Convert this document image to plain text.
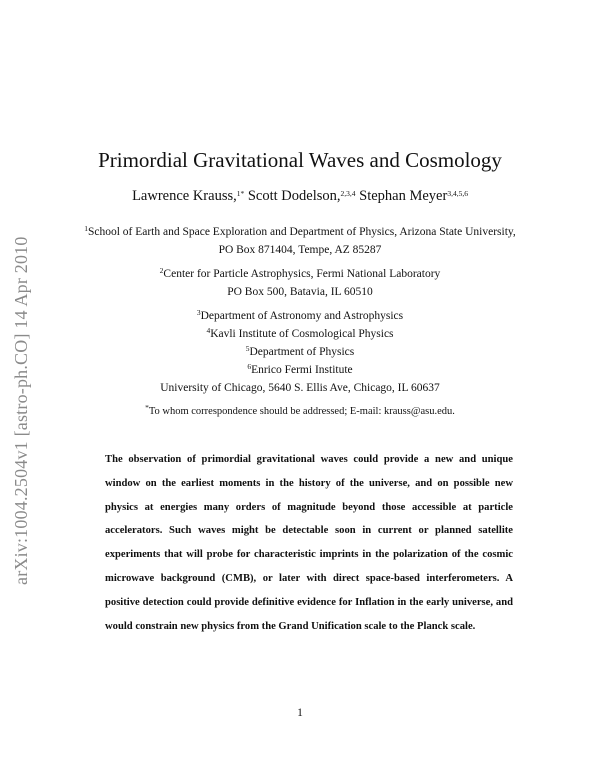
arXiv:1004.2504v1 [astro-ph.CO] 14 Apr 2010
Primordial Gravitational Waves and Cosmology
Lawrence Krauss,$^{1*}$ Scott Dodelson,$^{2,3,4}$ Stephan Meyer$^{3,4,5,6}$
$^1$School of Earth and Space Exploration and Department of Physics, Arizona State University,
PO Box 871404, Tempe, AZ 85287
$^2$Center for Particle Astrophysics, Fermi National Laboratory
PO Box 500, Batavia, IL 60510
$^3$Department of Astronomy and Astrophysics
$^4$Kavli Institute of Cosmological Physics
$^5$Department of Physics
$^6$Enrico Fermi Institute
University of Chicago, 5640 S. Ellis Ave, Chicago, IL 60637
*To whom correspondence should be addressed; E-mail: krauss@asu.edu.

The observation of primordial gravitational waves could provide a new and unique window on the earliest moments in the history of the universe, and on possible new physics at energies many orders of magnitude beyond those accessible at particle accelerators. Such waves might be detectable soon in current or planned satellite experiments that will probe for characteristic imprints in the polarization of the cosmic microwave background (CMB), or later with direct space-based interferometers. A positive detection could provide definitive evidence for Inflation in the early universe, and would constrain new physics from the Grand Unification scale to the Planck scale.

1
